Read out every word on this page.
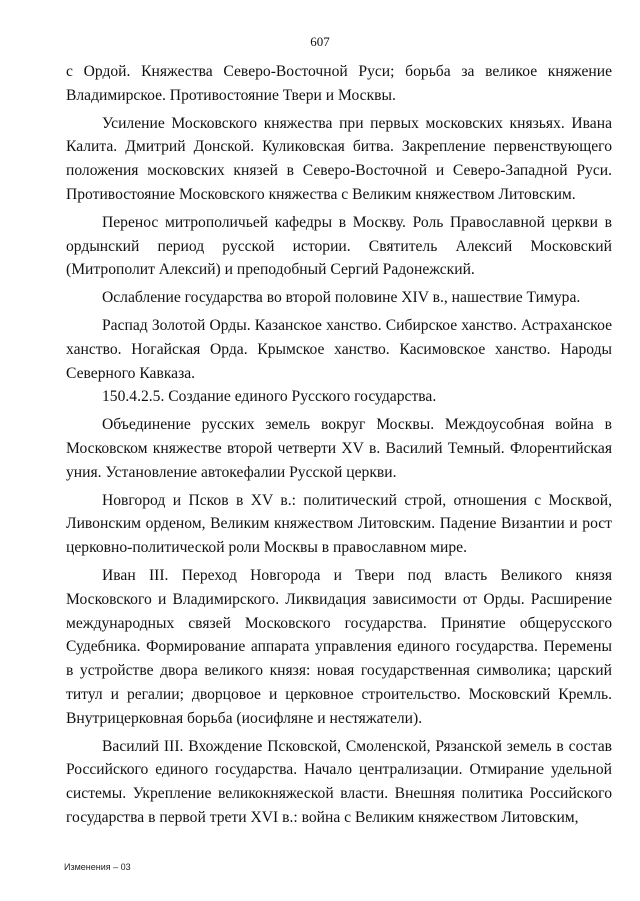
607

с Ордой. Княжества Северо-Восточной Руси; борьба за великое княжение Владимирское. Противостояние Твери и Москвы.

Усиление Московского княжества при первых московских князьях. Ивана Калита. Дмитрий Донской. Куликовская битва. Закрепление первенствующего положения московских князей в Северо-Восточной и Северо-Западной Руси. Противостояние Московского княжества с Великим княжеством Литовским.

Перенос митрополичьей кафедры в Москву. Роль Православной церкви в ордынский период русской истории. Святитель Алексий Московский (Митрополит Алексий) и преподобный Сергий Радонежский.

Ослабление государства во второй половине XIV в., нашествие Тимура.

Распад Золотой Орды. Казанское ханство. Сибирское ханство. Астраханское ханство. Ногайская Орда. Крымское ханство. Касимовское ханство. Народы Северного Кавказа.

150.4.2.5. Создание единого Русского государства.

Объединение русских земель вокруг Москвы. Междоусобная война в Московском княжестве второй четверти XV в. Василий Темный. Флорентийская уния. Установление автокефалии Русской церкви.

Новгород и Псков в XV в.: политический строй, отношения с Москвой, Ливонским орденом, Великим княжеством Литовским. Падение Византии и рост церковно-политической роли Москвы в православном мире.

Иван III. Переход Новгорода и Твери под власть Великого князя Московского и Владимирского. Ликвидация зависимости от Орды. Расширение международных связей Московского государства. Принятие общерусского Судебника. Формирование аппарата управления единого государства. Перемены в устройстве двора великого князя: новая государственная символика; царский титул и регалии; дворцовое и церковное строительство. Московский Кремль. Внутрицерковная борьба (иосифляне и нестяжатели).

Василий III. Вхождение Псковской, Смоленской, Рязанской земель в состав Российского единого государства. Начало централизации. Отмирание удельной системы. Укрепление великокняжеской власти. Внешняя политика Российского государства в первой трети XVI в.: война с Великим княжеством Литовским,

Изменения – 03
